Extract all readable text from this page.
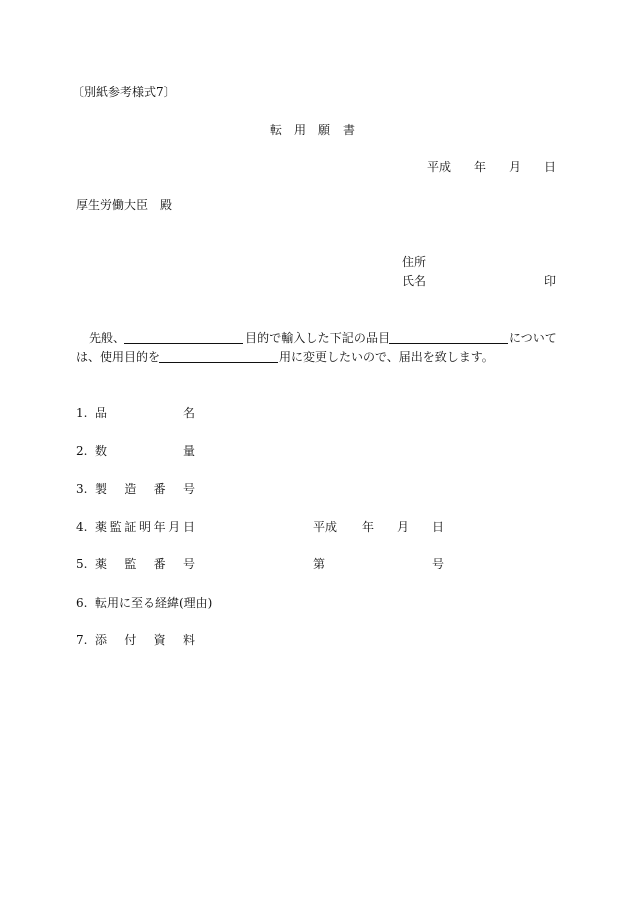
〔別紙参考様式7〕
転 用 願 書
平成 年 月 日
厚生労働大臣　殿
住所
氏名	印
先般、	目的で輸入した下記の品目	について
は、使用目的を	用に変更したいので、届出を致します。
1. 品	名
2. 数	量
3. 製 造 番 号
4. 薬 監 証 明 年 月 日	平成 年 月 日
5. 薬 監 番 号	第	号
6. 転用に至る経緯(理由)
7. 添 付 資 料
